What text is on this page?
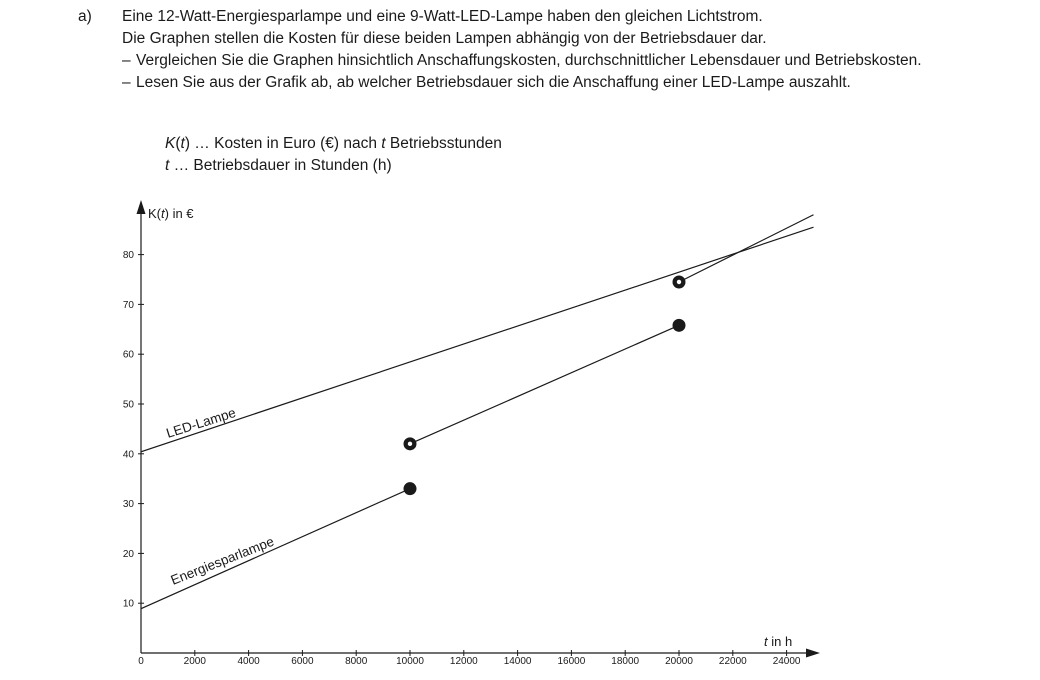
a) Eine 12-Watt-Energiesparlampe und eine 9-Watt-LED-Lampe haben den gleichen Lichtstrom.

Die Graphen stellen die Kosten für diese beiden Lampen abhängig von der Betriebsdauer dar.

– Vergleichen Sie die Graphen hinsichtlich Anschaffungskosten, durchschnittlicher Lebensdauer und Betriebskosten.
– Lesen Sie aus der Grafik ab, ab welcher Betriebsdauer sich die Anschaffung einer LED-Lampe auszahlt.

K(t) … Kosten in Euro (€) nach t Betriebsstunden

t … Betriebsdauer in Stunden (h)

0	2000	4000	6000	8000	10000	12000	14000	16000	18000	20000	22000	24000
10
20
30
40
50
60
70
80
K(t) in €
t in h
LED-Lampe
Energiesparlampe
